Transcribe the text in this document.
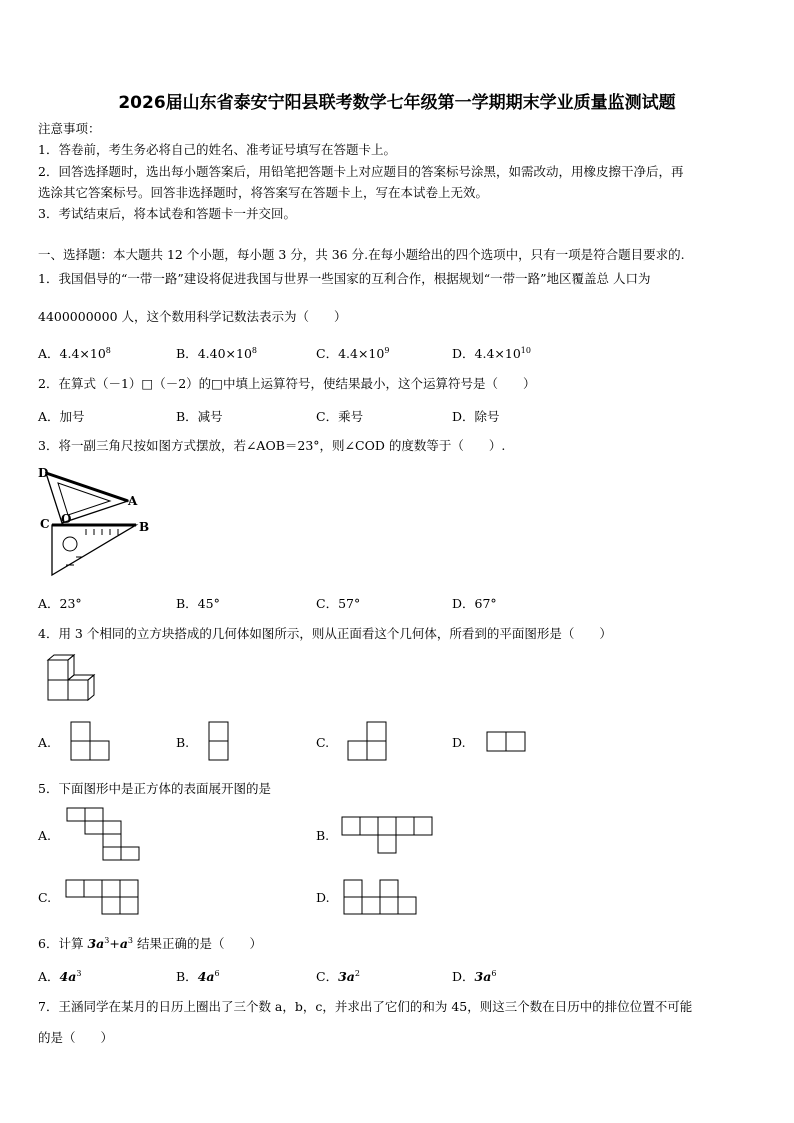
2026届山东省泰安宁阳县联考数学七年级第一学期期末学业质量监测试题
注意事项：
1．答卷前，考生务必将自己的姓名、准考证号填写在答题卡上。
2．回答选择题时，选出每小题答案后，用铅笔把答题卡上对应题目的答案标号涂黑，如需改动，用橡皮擦干净后，再
选涂其它答案标号。回答非选择题时，将答案写在答题卡上，写在本试卷上无效。
3．考试结束后，将本试卷和答题卡一并交回。
一、选择题：本大题共 12 个小题，每小题 3 分，共 36 分.在每小题给出的四个选项中，只有一项是符合题目要求的.
1．我国倡导的“一带一路”建设将促进我国与世界一些国家的互利合作，根据规划“一带一路”地区覆盖总 人口为
4400000000 人，这个数用科学记数法表示为（　　）
A．$4.4\times 10^8$	B．$4.40\times 10^8$	C．$4.4\times 10^9$	D．$4.4\times 10^{10}$
2．在算式（－1）□（－2）的□中填上运算符号，使结果最小，这个运算符号是（　　）
A．加号	B．减号	C．乘号	D．除号
3．将一副三角尺按如图方式摆放，若∠AOB＝23°，则∠COD 的度数等于（　　）.
D
A
C O
B
A．23°	B．45°	C．57°	D．67°
4．用 3 个相同的立方块搭成的几何体如图所示，则从正面看这个几何体，所看到的平面图形是（　　）
A.	B.	C.	D.
5．下面图形中是正方体的表面展开图的是
A.	B.
C.	D.
6．计算 $3a^3+a^3$ 结果正确的是（　　）
A．$4a^3$	B．$4a^6$	C．$3a^2$	D．$3a^6$
7．王涵同学在某月的日历上圈出了三个数 a，b，c，并求出了它们的和为 45，则这三个数在日历中的排位位置不可能
的是（　　）
